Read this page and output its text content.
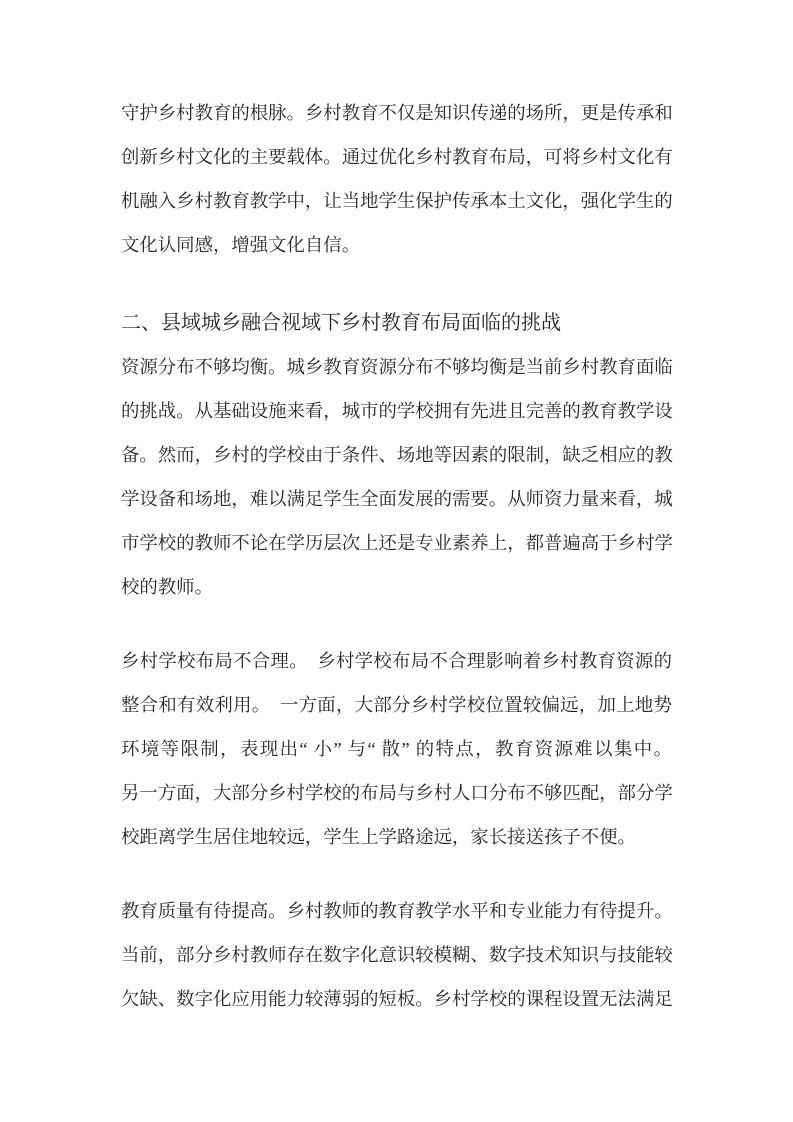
守护乡村教育的根脉。乡村教育不仅是知识传递的场所，更是传承和
创新乡村文化的主要载体。通过优化乡村教育布局，可将乡村文化有
机融入乡村教育教学中，让当地学生保护传承本土文化，强化学生的
文化认同感，增强文化自信。
二、县域城乡融合视域下乡村教育布局面临的挑战
资源分布不够均衡。城乡教育资源分布不够均衡是当前乡村教育面临
的挑战。从基础设施来看，城市的学校拥有先进且完善的教育教学设
备。然而，乡村的学校由于条件、场地等因素的限制，缺乏相应的教
学设备和场地，难以满足学生全面发展的需要。从师资力量来看，城
市学校的教师不论在学历层次上还是专业素养上，都普遍高于乡村学
校的教师。
乡村学校布局不合理。　乡村学校布局不合理影响着乡村教育资源的
整合和有效利用。　一方面，大部分乡村学校位置较偏远，加上地势
环境等限制，表现出“ 小” 与“ 散” 的特点，教育资源难以集中。
另一方面，大部分乡村学校的布局与乡村人口分布不够匹配，部分学
校距离学生居住地较远，学生上学路途远，家长接送孩子不便。
教育质量有待提高。乡村教师的教育教学水平和专业能力有待提升。
当前，部分乡村教师存在数字化意识较模糊、数字技术知识与技能较
欠缺、数字化应用能力较薄弱的短板。乡村学校的课程设置无法满足
